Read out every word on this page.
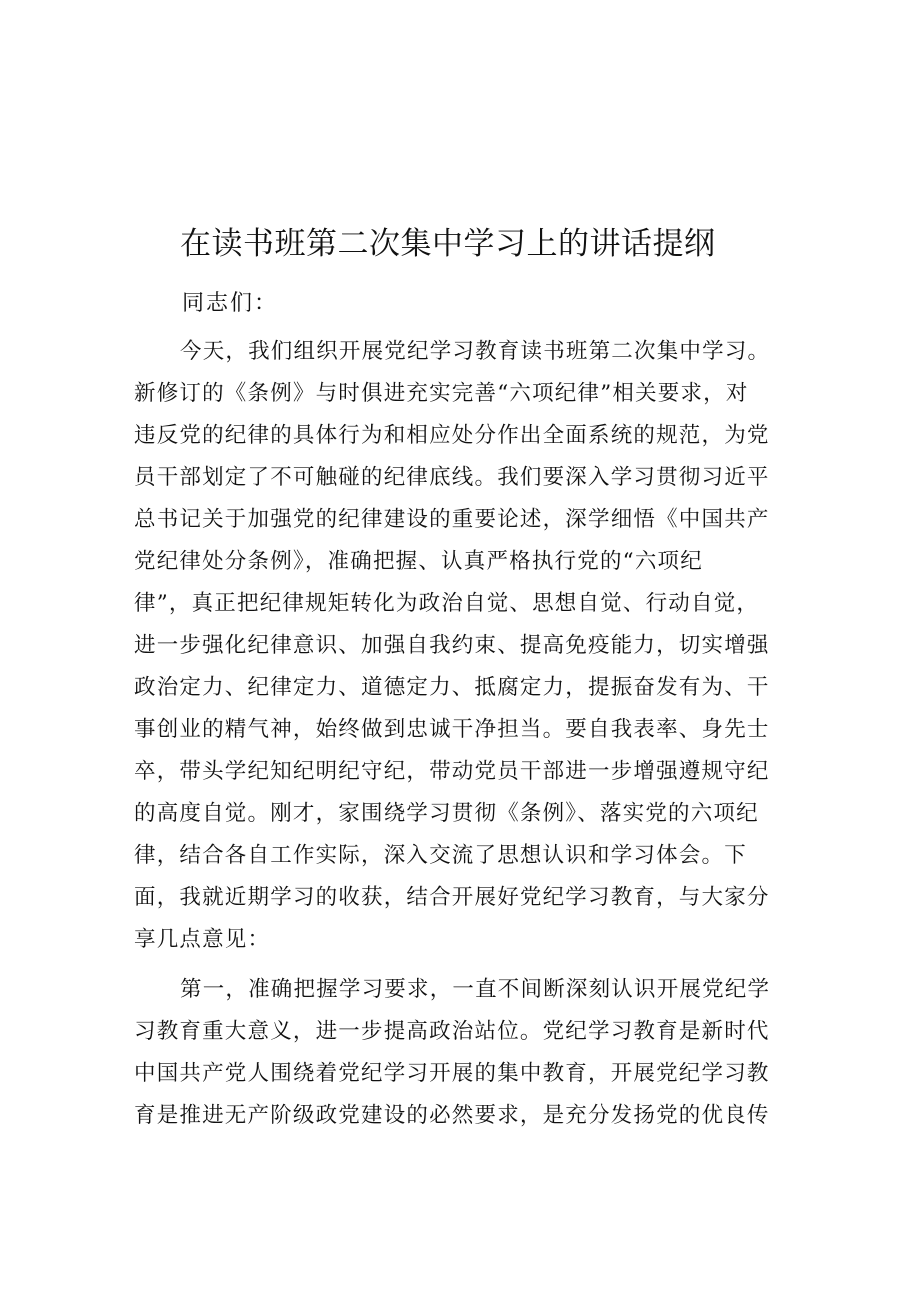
在读书班第二次集中学习上的讲话提纲
同志们：
今天，我们组织开展党纪学习教育读书班第二次集中学习。
新修订的《条例》与时俱进充实完善“六项纪律”相关要求，对
违反党的纪律的具体行为和相应处分作出全面系统的规范，为党
员干部划定了不可触碰的纪律底线。我们要深入学习贯彻习近平
总书记关于加强党的纪律建设的重要论述，深学细悟《中国共产
党纪律处分条例》，准确把握、认真严格执行党的“六项纪
律”，真正把纪律规矩转化为政治自觉、思想自觉、行动自觉，
进一步强化纪律意识、加强自我约束、提高免疫能力，切实增强
政治定力、纪律定力、道德定力、抵腐定力，提振奋发有为、干
事创业的精气神，始终做到忠诚干净担当。要自我表率、身先士
卒，带头学纪知纪明纪守纪，带动党员干部进一步增强遵规守纪
的高度自觉。刚才，家围绕学习贯彻《条例》、落实党的六项纪
律，结合各自工作实际，深入交流了思想认识和学习体会。下
面，我就近期学习的收获，结合开展好党纪学习教育，与大家分
享几点意见：
第一，准确把握学习要求，一直不间断深刻认识开展党纪学
习教育重大意义，进一步提高政治站位。党纪学习教育是新时代
中国共产党人围绕着党纪学习开展的集中教育，开展党纪学习教
育是推进无产阶级政党建设的必然要求，是充分发扬党的优良传
